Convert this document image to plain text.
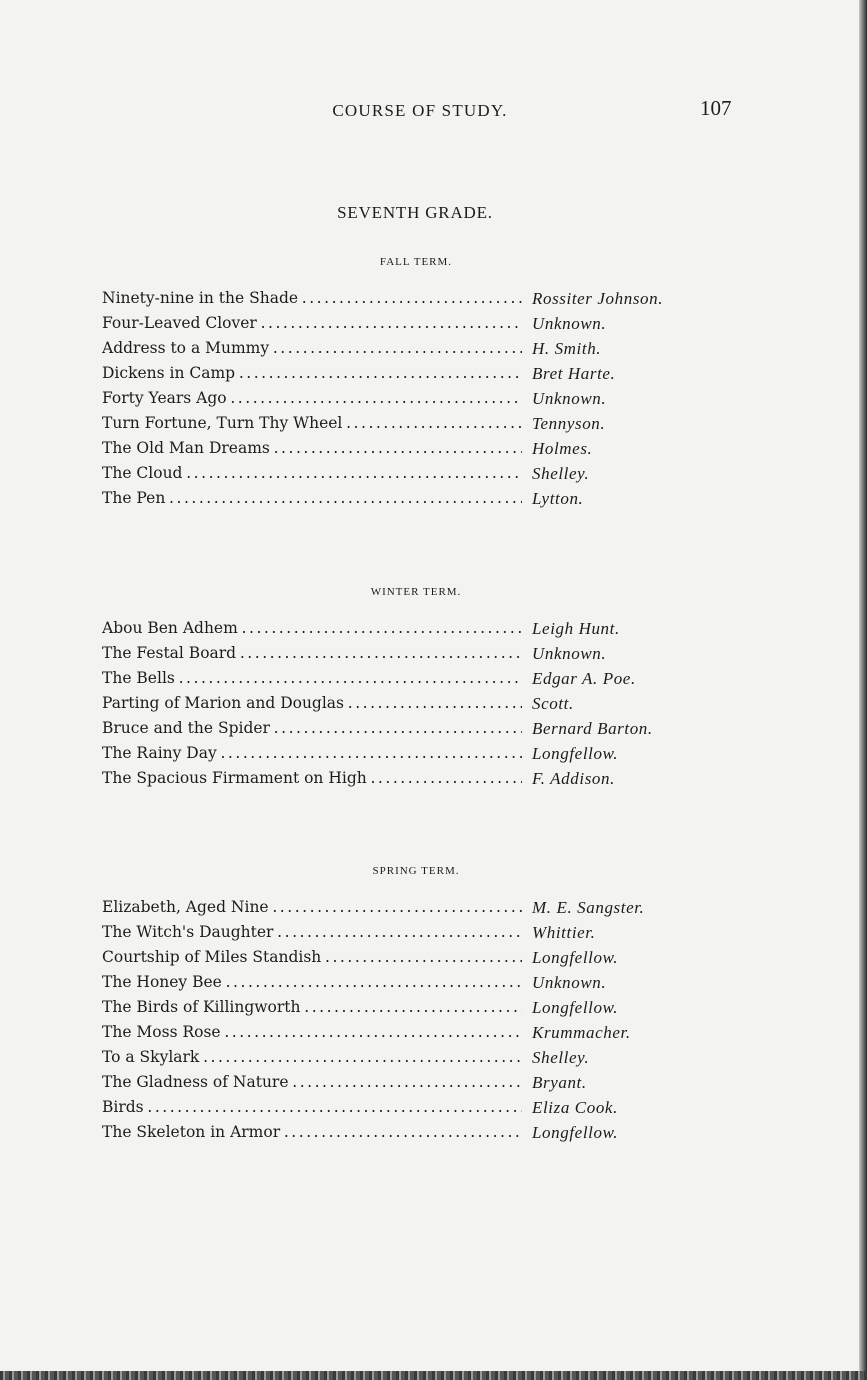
COURSE OF STUDY.	107
SEVENTH GRADE.
FALL TERM.
Ninety-nine in the Shade . . .	Rossiter Johnson.
Four-Leaved Clover . . .	Unknown.
Address to a Mummy . . .	H. Smith.
Dickens in Camp . . .	Bret Harte.
Forty Years Ago . . .	Unknown.
Turn Fortune, Turn Thy Wheel . . .	Tennyson.
The Old Man Dreams . . .	Holmes.
The Cloud . . .	Shelley.
The Pen . . .	Lytton.
WINTER TERM.
Abou Ben Adhem . . .	Leigh Hunt.
The Festal Board . . .	Unknown.
The Bells . . .	Edgar A. Poe.
Parting of Marion and Douglas . . .	Scott.
Bruce and the Spider . . .	Bernard Barton.
The Rainy Day . . .	Longfellow.
The Spacious Firmament on High . . .	F. Addison.
SPRING TERM.
Elizabeth, Aged Nine . . .	M. E. Sangster.
The Witch's Daughter . . .	Whittier.
Courtship of Miles Standish . . .	Longfellow.
The Honey Bee . . .	Unknown.
The Birds of Killingworth . . .	Longfellow.
The Moss Rose . . .	Krummacher.
To a Skylark . . .	Shelley.
The Gladness of Nature . . .	Bryant.
Birds . . .	Eliza Cook.
The Skeleton in Armor . . .	Longfellow.
